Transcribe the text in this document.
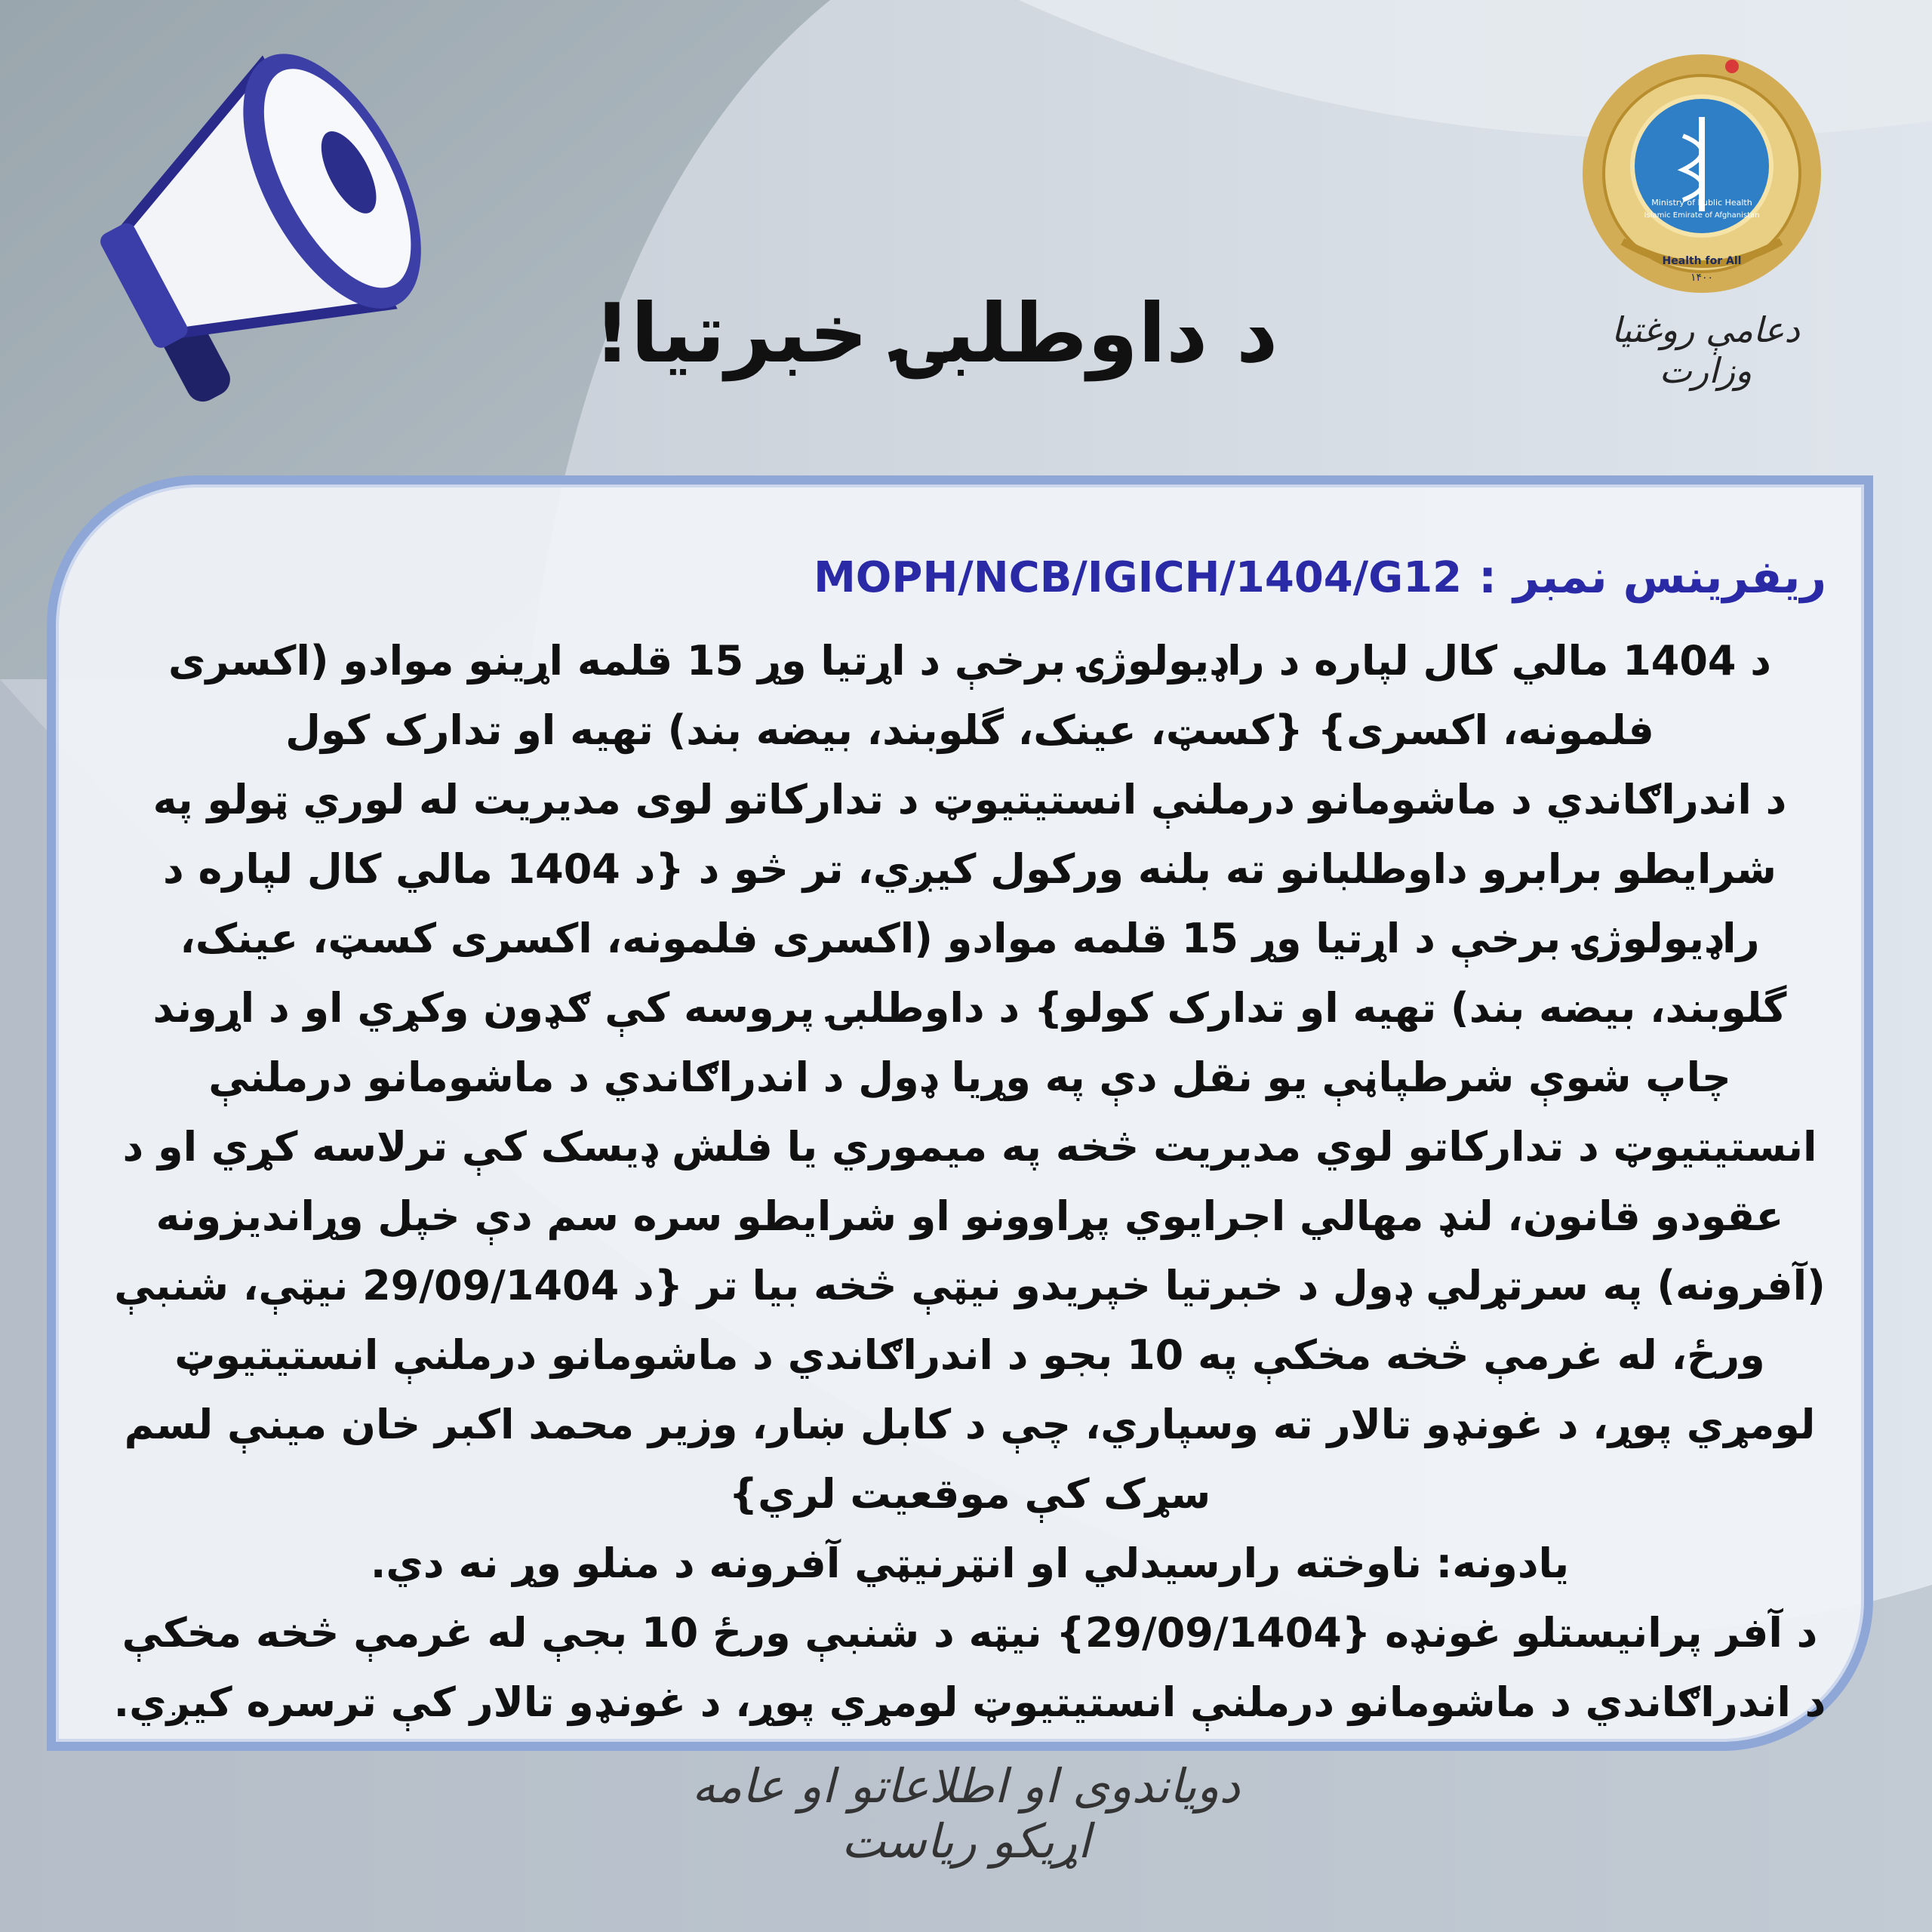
د داوطلبۍ خبرتیا!
Ministry of Public Health
Islamic Emirate of Afghanistan
Health for All
۱۴۰۰
دعامې روغتیا وزارت
ریفرینس نمبر
:
MOPH/NCB/IGICH/1404/G12

د 1404 مالي کال لپاره د راډیولوژۍ برخې د اړتیا وړ 15 قلمه اړینو موادو (اکسرى فلمونه، اکسرى} {کسټ، عینک، گلوبند، بیضه بند) تهیه او تدارک کول

د اندراګاندي د ماشومانو درملنې انستیتیوټ د تدارکاتو لوی مدیریت له لوري ټولو په شرایطو برابرو داوطلبانو ته بلنه ورکول کیږي، تر څو د {د 1404 مالي کال لپاره د راډیولوژۍ برخې د اړتیا وړ 15 قلمه موادو (اکسرى فلمونه، اکسرى کسټ، عینک، گلوبند، بیضه بند) تهیه او تدارک کولو} د داوطلبۍ پروسه کې ګډون وکړي او د اړوند چاپ شوې شرطپاڼې یو نقل دې په وړیا ډول د اندراګاندي د ماشومانو درملنې انستیتیوټ د تدارکاتو لوي مدیریت څخه په میموري یا فلش ډیسک کې ترلاسه کړي او د عقودو قانون، لنډ مهالي اجرایوي پړاوونو او شرایطو سره سم دې خپل وړاندیزونه (آفرونه) په سرتړلي ډول د خبرتیا خپریدو نیټې څخه بیا تر {د 29/09/1404 نیټې، شنبې ورځ، له غرمې څخه مخکې په 10 بجو د اندراګاندي د ماشومانو درملنې انستیتیوټ لومړي پوړ، د غونډو تالار ته وسپاري، چې د کابل ښار، وزیر محمد اکبر خان مینې لسم سړک کې موقعیت لري}

یادونه: ناوخته رارسیدلي او انټرنیټي آفرونه د منلو وړ نه دي.

د آفر پرانیستلو غونډه {29/09/1404} نیټه د شنبې ورځ 10 بجې له غرمې څخه مخکې د اندراګاندي د ماشومانو درملنې انستیتیوټ لومړي پوړ، د غونډو تالار کې ترسره کیږي.

دویاندوی او اطلاعاتو او عامه اړیکو ریاست
